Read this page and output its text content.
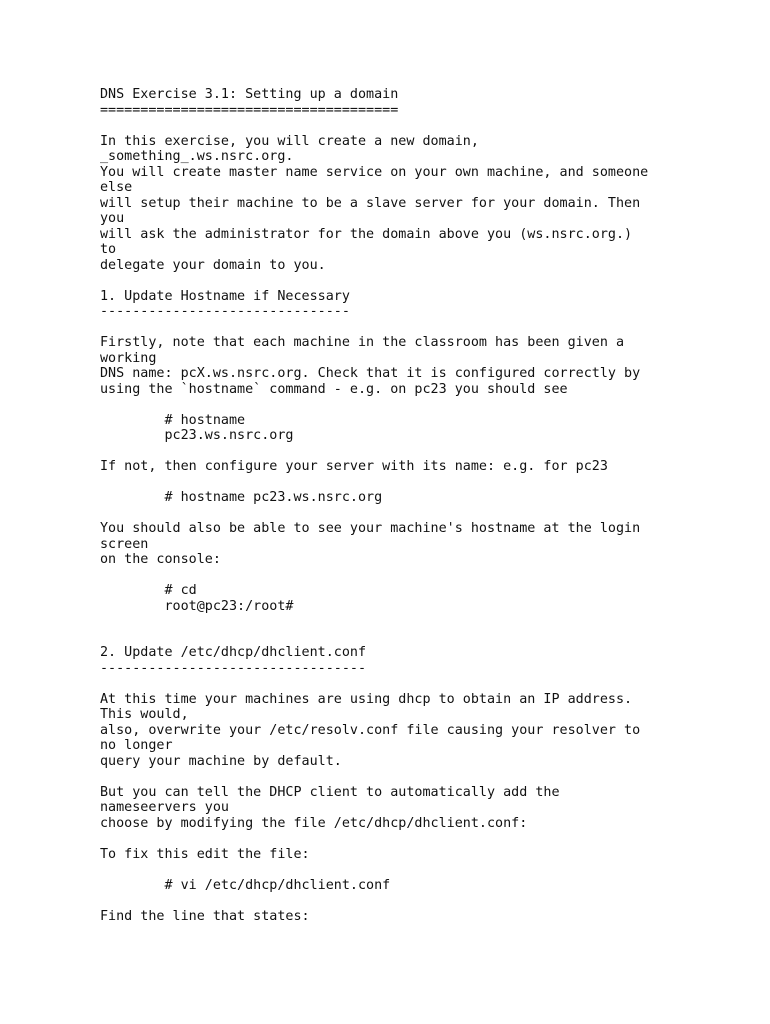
DNS Exercise 3.1: Setting up a domain
=====================================
In this exercise, you will create a new domain,
_something_.ws.nsrc.org.
You will create master name service on your own machine, and someone
else
will setup their machine to be a slave server for your domain. Then
you
will ask the administrator for the domain above you (ws.nsrc.org.)
to
delegate your domain to you.
1. Update Hostname if Necessary
-------------------------------
Firstly, note that each machine in the classroom has been given a
working
DNS name: pcX.ws.nsrc.org. Check that it is configured correctly by
using the `hostname` command - e.g. on pc23 you should see
# hostname
pc23.ws.nsrc.org
If not, then configure your server with its name: e.g. for pc23
# hostname pc23.ws.nsrc.org
You should also be able to see your machine's hostname at the login
screen
on the console:
# cd
root@pc23:/root#
2. Update /etc/dhcp/dhclient.conf
---------------------------------
At this time your machines are using dhcp to obtain an IP address.
This would,
also, overwrite your /etc/resolv.conf file causing your resolver to
no longer
query your machine by default.
But you can tell the DHCP client to automatically add the
nameseervers you
choose by modifying the file /etc/dhcp/dhclient.conf:
To fix this edit the file:
# vi /etc/dhcp/dhclient.conf
Find the line that states:
